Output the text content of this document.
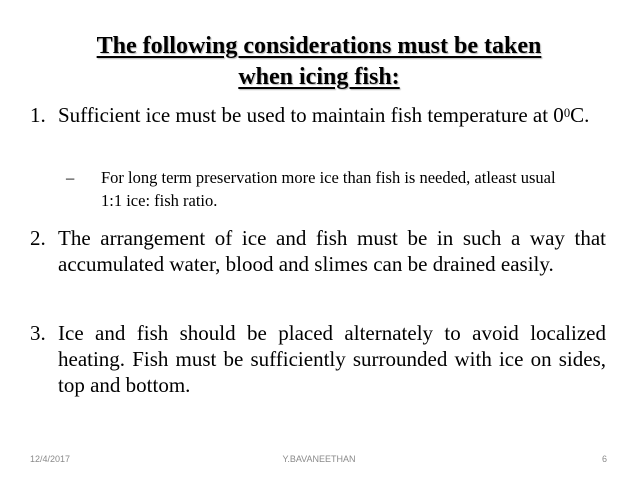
The following considerations must be taken
when icing fish:
1. Sufficient ice must be used to maintain fish temperature at $0^0C$.
– For long term preservation more ice than fish is needed, atleast usual 1:1 ice: fish ratio.
2. The arrangement of ice and fish must be in such a way that accumulated water, blood and slimes can be drained easily.
3. Ice and fish should be placed alternately to avoid localized heating. Fish must be sufficiently surrounded with ice on sides, top and bottom.
12/4/2017	Y.BAVANEETHAN	6
